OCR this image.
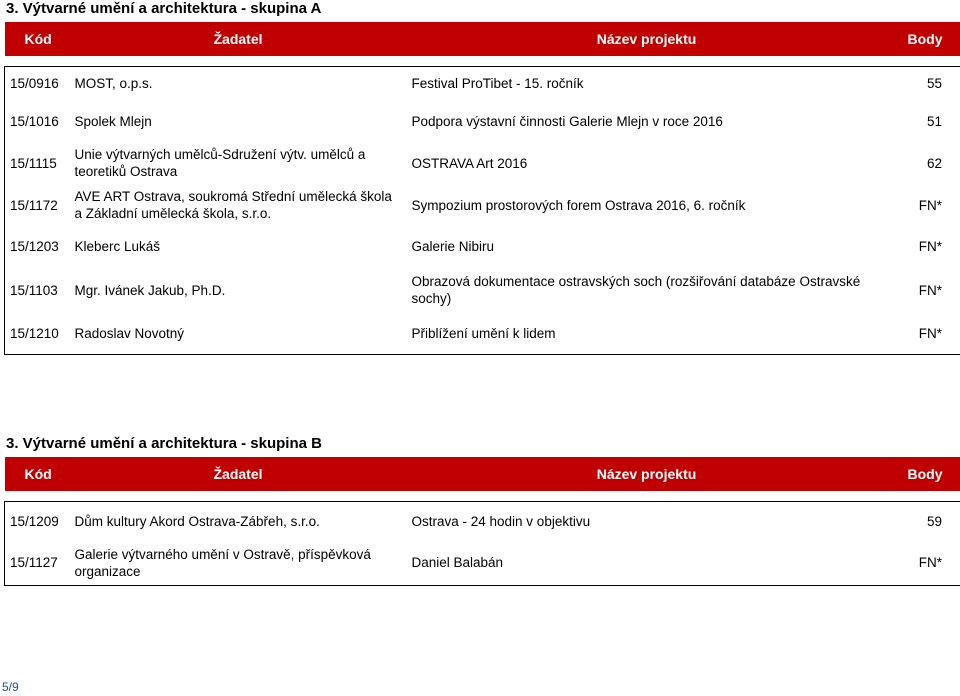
3. Výtvarné umění a architektura - skupina A
Kód	Žadatel	Název projektu	Body

15/0916	MOST, o.p.s.	Festival ProTibet - 15. ročník	55
15/1016	Spolek Mlejn	Podpora výstavní činnosti Galerie Mlejn v roce 2016	51
15/1115	Unie výtvarných umělců-Sdružení výtv. umělců a teoretiků Ostrava	OSTRAVA Art 2016	62
15/1172	AVE ART Ostrava, soukromá Střední umělecká škola a Základní umělecká škola, s.r.o.	Sympozium prostorových forem Ostrava 2016, 6. ročník	FN*
15/1203	Kleberc Lukáš	Galerie Nibiru	FN*
15/1103	Mgr. Ivánek Jakub, Ph.D.	Obrazová dokumentace ostravských soch (rozšiřování databáze Ostravské sochy)	FN*
15/1210	Radoslav Novotný	Přiblížení umění k lidem	FN*
3. Výtvarné umění a architektura - skupina B
Kód	Žadatel	Název projektu	Body

15/1209	Dům kultury Akord Ostrava-Zábřeh, s.r.o.	Ostrava - 24 hodin v objektivu	59
15/1127	Galerie výtvarného umění v Ostravě, příspěvková organizace	Daniel Balabán	FN*
5/9
